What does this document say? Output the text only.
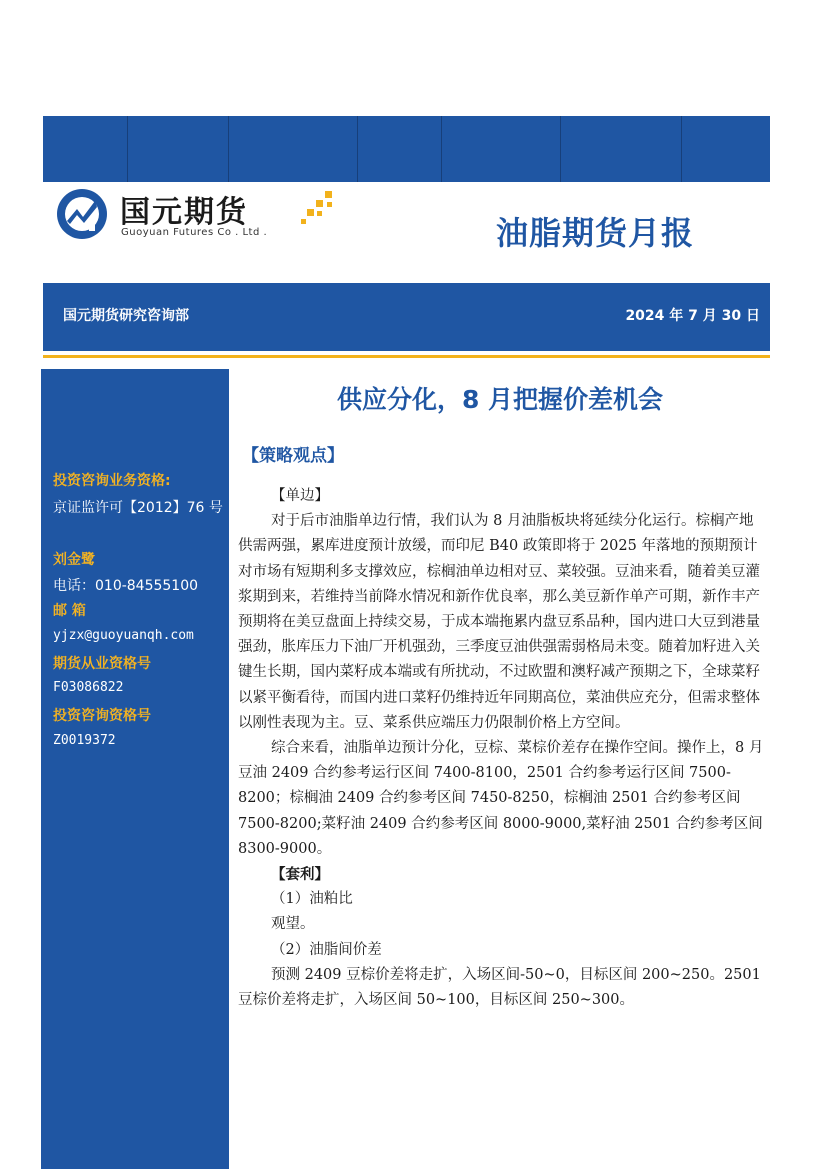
国元期货
Guoyuan Futures Co . Ltd .	油脂期货月报
国元期货研究咨询部	2024 年 7 月 30 日
投资咨询业务资格:
京证监许可【2012】76 号
刘金鹭
电话：010-84555100
邮 箱
yjzx@guoyuanqh.com
期货从业资格号
F03086822
投资咨询资格号
Z0019372
供应分化，8 月把握价差机会
【策略观点】

【单边】

对于后市油脂单边行情，我们认为 8 月油脂板块将延续分化运行。棕榈产地供需两强，累库进度预计放缓，而印尼 B40 政策即将于 2025 年落地的预期预计对市场有短期利多支撑效应，棕榈油单边相对豆、菜较强。豆油来看，随着美豆灌浆期到来，若维持当前降水情况和新作优良率，那么美豆新作单产可期，新作丰产预期将在美豆盘面上持续交易，于成本端拖累内盘豆系品种，国内进口大豆到港量强劲，胀库压力下油厂开机强劲，三季度豆油供强需弱格局未变。随着加籽进入关键生长期，国内菜籽成本端或有所扰动，不过欧盟和澳籽减产预期之下，全球菜籽以紧平衡看待，而国内进口菜籽仍维持近年同期高位，菜油供应充分，但需求整体以刚性表现为主。豆、菜系供应端压力仍限制价格上方空间。

综合来看，油脂单边预计分化，豆棕、菜棕价差存在操作空间。操作上，8 月豆油 2409 合约参考运行区间 7400-8100，2501 合约参考运行区间 7500-8200；棕榈油 2409 合约参考区间 7450-8250，棕榈油 2501 合约参考区间 7500-8200;菜籽油 2409 合约参考区间 8000-9000,菜籽油 2501 合约参考区间 8300-9000。

【套利】

（1）油粕比

观望。

（2）油脂间价差

预测 2409 豆棕价差将走扩，入场区间-50~0，目标区间 200~250。2501 豆棕价差将走扩，入场区间 50~100，目标区间 250~300。
